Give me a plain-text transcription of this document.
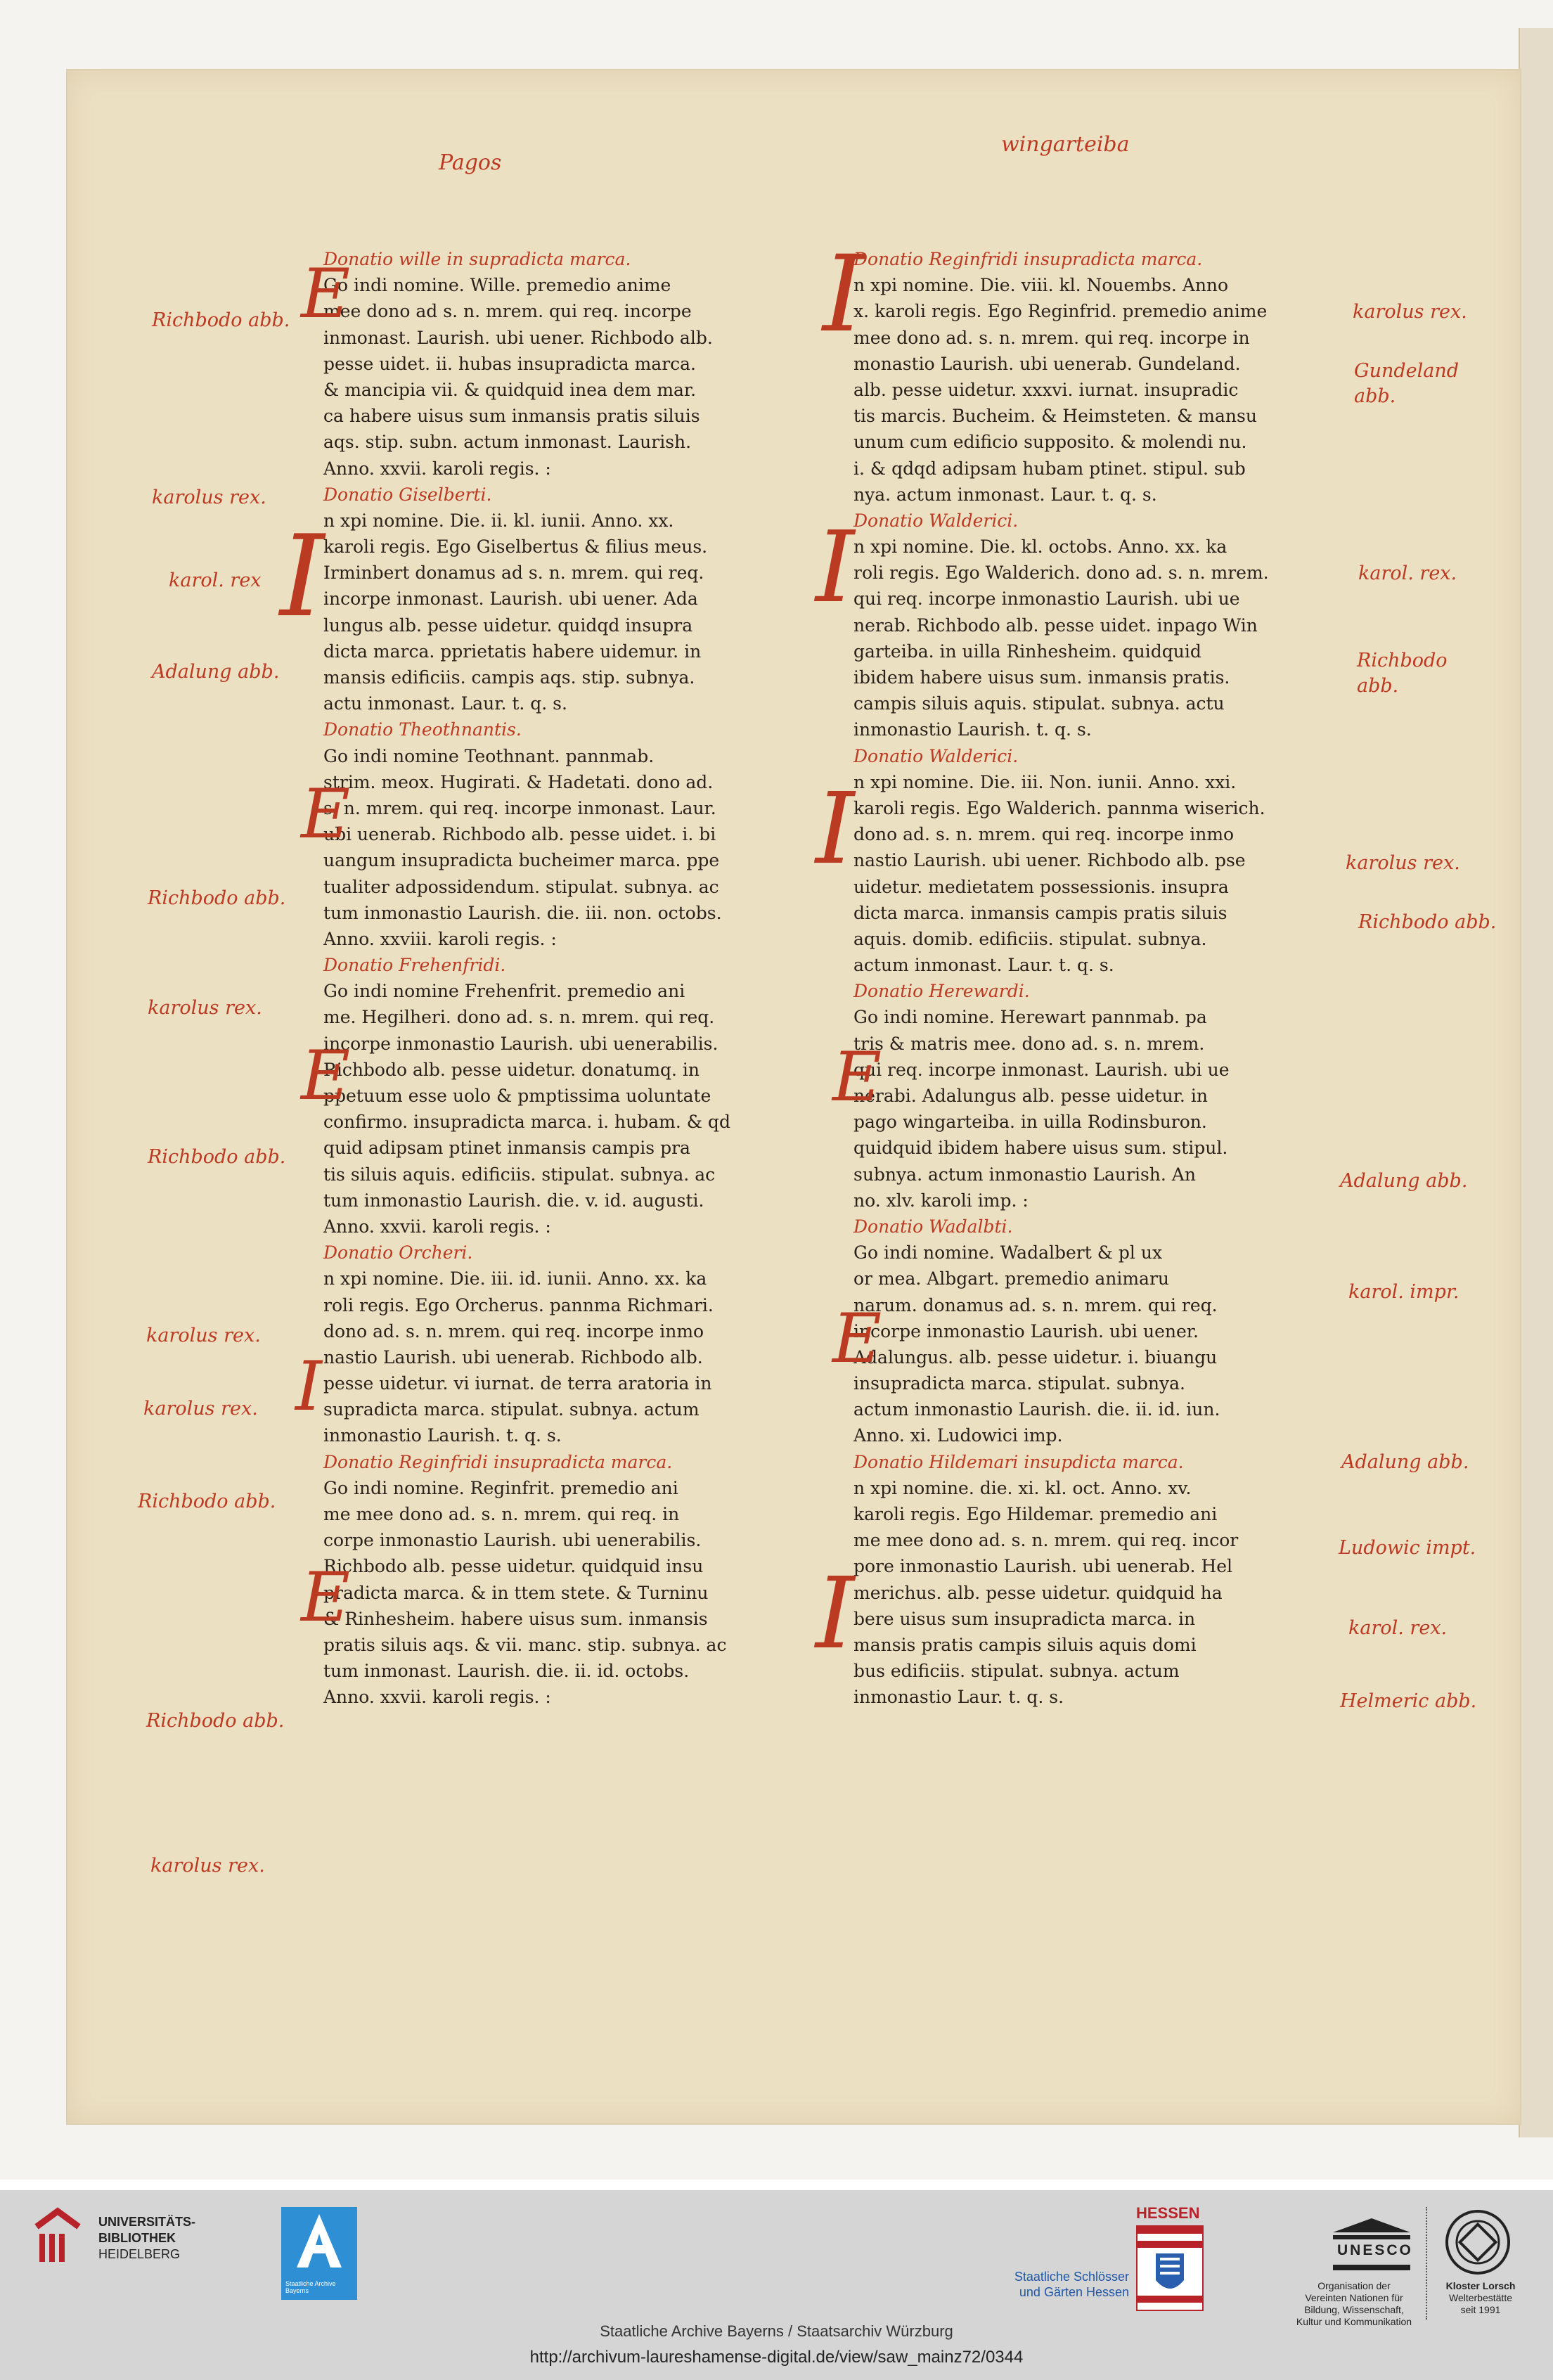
Pagos
wingarteiba
Donatio wille in supradicta marca.
Go indi nomine. Wille. premedio anime
mee dono ad s. n. mrem. qui req. incorpe
inmonast. Laurish. ubi uener. Richbodo alb.
pesse uidet. ii. hubas insupradicta marca.
& mancipia vii. & quidquid inea dem mar.
ca habere uisus sum inmansis pratis siluis
aqs. stip. subn. actum inmonast. Laurish.
Anno. xxvii. karoli regis. :
Donatio Giselberti.
n xpi nomine. Die. ii. kl. iunii. Anno. xx.
karoli regis. Ego Giselbertus & filius meus.
Irminbert donamus ad s. n. mrem. qui req.
incorpe inmonast. Laurish. ubi uener. Ada
lungus alb. pesse uidetur. quidqd insupra
dicta marca. pprietatis habere uidemur. in
mansis edificiis. campis aqs. stip. subnya.
actu inmonast. Laur. t. q. s.
Donatio Theothnantis.
Go indi nomine Teothnant. pannmab.
strim. meox. Hugirati. & Hadetati. dono ad.
s. n. mrem. qui req. incorpe inmonast. Laur.
ubi uenerab. Richbodo alb. pesse uidet. i. bi
uangum insupradicta bucheimer marca. ppe
tualiter adpossidendum. stipulat. subnya. ac
tum inmonastio Laurish. die. iii. non. octobs.
Anno. xxviii. karoli regis. :
Donatio Frehenfridi.
Go indi nomine Frehenfrit. premedio ani
me. Hegilheri. dono ad. s. n. mrem. qui req.
incorpe inmonastio Laurish. ubi uenerabilis.
Richbodo alb. pesse uidetur. donatumq. in
ppetuum esse uolo & pmptissima uoluntate
confirmo. insupradicta marca. i. hubam. & qd
quid adipsam ptinet inmansis campis pra
tis siluis aquis. edificiis. stipulat. subnya. ac
tum inmonastio Laurish. die. v. id. augusti.
Anno. xxvii. karoli regis. :
Donatio Orcheri.
n xpi nomine. Die. iii. id. iunii. Anno. xx. ka
roli regis. Ego Orcherus. pannma Richmari.
dono ad. s. n. mrem. qui req. incorpe inmo
nastio Laurish. ubi uenerab. Richbodo alb.
pesse uidetur. vi iurnat. de terra aratoria in
supradicta marca. stipulat. subnya. actum
inmonastio Laurish. t. q. s.
Donatio Reginfridi insupradicta marca.
Go indi nomine. Reginfrit. premedio ani
me mee dono ad. s. n. mrem. qui req. in
corpe inmonastio Laurish. ubi uenerabilis.
Richbodo alb. pesse uidetur. quidquid insu
pradicta marca. & in ttem stete. & Turninu
& Rinhesheim. habere uisus sum. inmansis
pratis siluis aqs. & vii. manc. stip. subnya. ac
tum inmonast. Laurish. die. ii. id. octobs.
Anno. xxvii. karoli regis. :
Donatio Reginfridi insupradicta marca.
n xpi nomine. Die. viii. kl. Nouembs. Anno
x. karoli regis. Ego Reginfrid. premedio anime
mee dono ad. s. n. mrem. qui req. incorpe in
monastio Laurish. ubi uenerab. Gundeland.
alb. pesse uidetur. xxxvi. iurnat. insupradic
tis marcis. Bucheim. & Heimsteten. & mansu
unum cum edificio supposito. & molendi nu.
i. & qdqd adipsam hubam ptinet. stipul. sub
nya. actum inmonast. Laur. t. q. s.
Donatio Walderici.
n xpi nomine. Die. kl. octobs. Anno. xx. ka
roli regis. Ego Walderich. dono ad. s. n. mrem.
qui req. incorpe inmonastio Laurish. ubi ue
nerab. Richbodo alb. pesse uidet. inpago Win
garteiba. in uilla Rinhesheim. quidquid
ibidem habere uisus sum. inmansis pratis.
campis siluis aquis. stipulat. subnya. actu
inmonastio Laurish. t. q. s.
Donatio Walderici.
n xpi nomine. Die. iii. Non. iunii. Anno. xxi.
karoli regis. Ego Walderich. pannma wiserich.
dono ad. s. n. mrem. qui req. incorpe inmo
nastio Laurish. ubi uener. Richbodo alb. pse
uidetur. medietatem possessionis. insupra
dicta marca. inmansis campis pratis siluis
aquis. domib. edificiis. stipulat. subnya.
actum inmonast. Laur. t. q. s.
Donatio Herewardi.
Go indi nomine. Herewart pannmab. pa
tris & matris mee. dono ad. s. n. mrem.
qui req. incorpe inmonast. Laurish. ubi ue
nerabi. Adalungus alb. pesse uidetur. in
pago wingarteiba. in uilla Rodinsburon.
quidquid ibidem habere uisus sum. stipul.
subnya. actum inmonastio Laurish. An
no. xlv. karoli imp. :
Donatio Wadalbti.
Go indi nomine. Wadalbert & pl ux
or mea. Albgart. premedio animaru
narum. donamus ad. s. n. mrem. qui req.
incorpe inmonastio Laurish. ubi uener.
Adalungus. alb. pesse uidetur. i. biuangu
insupradicta marca. stipulat. subnya.
actum inmonastio Laurish. die. ii. id. iun.
Anno. xi. Ludowici imp.
Donatio Hildemari insupdicta marca.
n xpi nomine. die. xi. kl. oct. Anno. xv.
karoli regis. Ego Hildemar. premedio ani
me mee dono ad. s. n. mrem. qui req. incor
pore inmonastio Laurish. ubi uenerab. Hel
merichus. alb. pesse uidetur. quidquid ha
bere uisus sum insupradicta marca. in
mansis pratis campis siluis aquis domi
bus edificiis. stipulat. subnya. actum
inmonastio Laur. t. q. s.
E
I
E
E
I
E
I
I
I
E
E
I
Richbodo abb.
karolus rex.
karol. rex
Adalung abb.
Richbodo abb.
karolus rex.
Richbodo abb.
karolus rex.
karolus rex.
Richbodo abb.
Richbodo abb.
karolus rex.
karolus rex.
Gundeland abb.
karol. rex.
Richbodo abb.
karolus rex.
Richbodo abb.
Adalung abb.
karol. impr.
Adalung abb.
Ludowic impt.
karol. rex.
Helmeric abb.
UNIVERSITÄTS-
BIBLIOTHEK
HEIDELBERG
Staatliche Archive Bayerns
HESSEN
Staatliche Schlösser
und Gärten Hessen
UNESCO
Organisation der
Vereinten Nationen für
Bildung, Wissenschaft,
Kultur und Kommunikation
Kloster Lorsch
Welterbestätte
seit 1991
Staatliche Archive Bayerns / Staatsarchiv Würzburg
http://archivum-laureshamense-digital.de/view/saw_mainz72/0344
